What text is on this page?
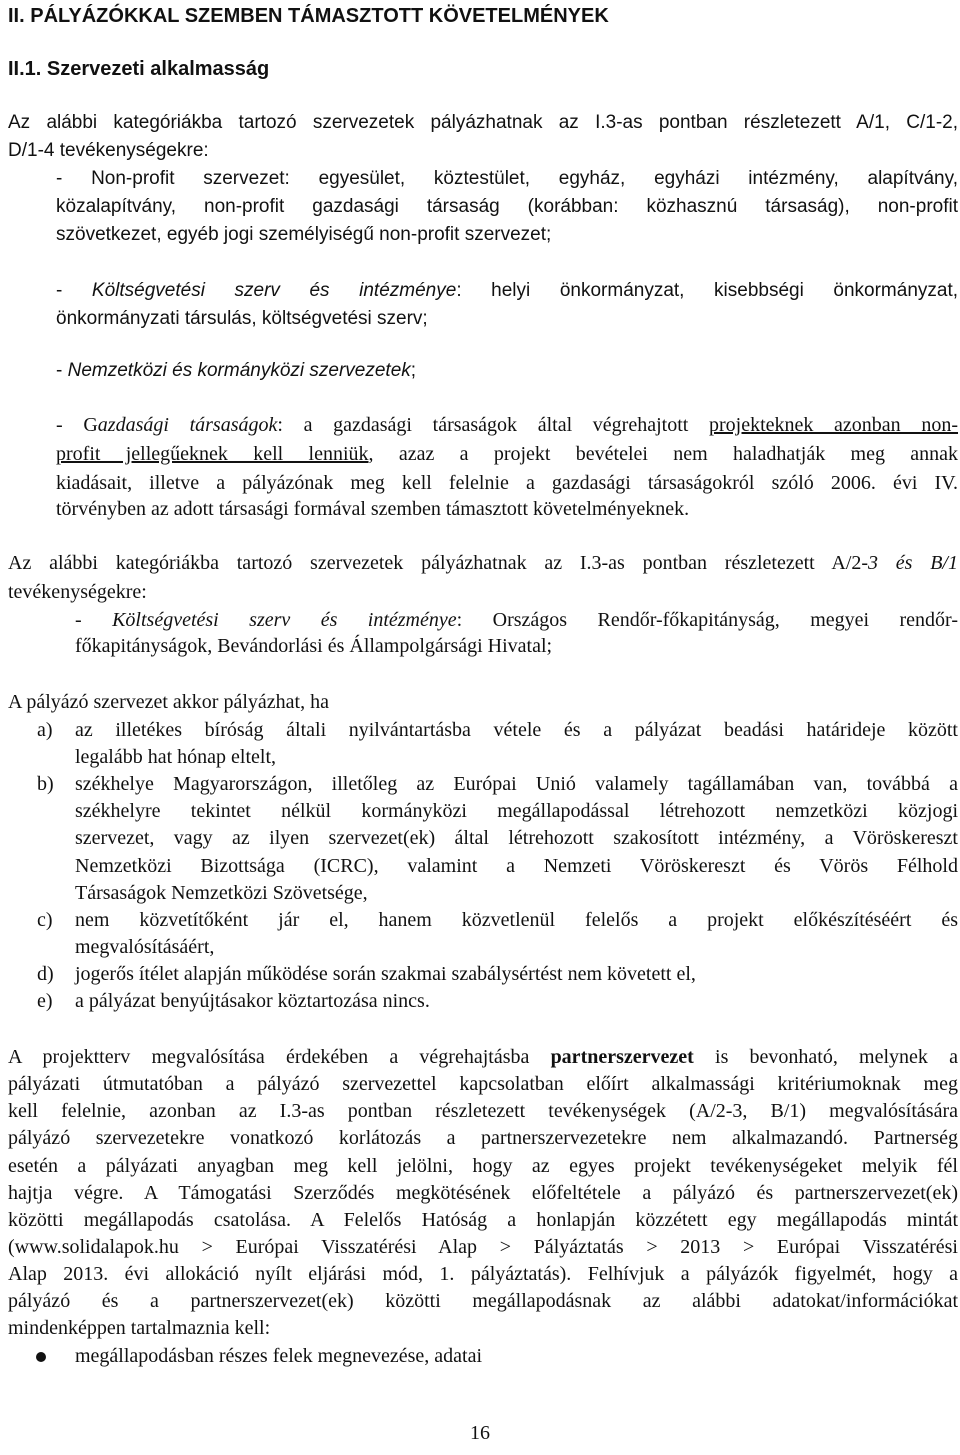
II. PÁLYÁZÓKKAL SZEMBEN TÁMASZTOTT KÖVETELMÉNYEK
II.1. Szervezeti alkalmasság
Az alábbi kategóriákba tartozó szervezetek pályázhatnak az I.3-as pontban részletezett A/1, C/1-2,
D/1-4 tevékenységekre:
- Non-profit szervezet: egyesület, köztestület, egyház, egyházi intézmény, alapítvány,
közalapítvány, non-profit gazdasági társaság (korábban: közhasznú társaság), non-profit
szövetkezet, egyéb jogi személyiségű non-profit szervezet;
- Költségvetési szerv és intézménye: helyi önkormányzat, kisebbségi önkormányzat,
önkormányzati társulás, költségvetési szerv;
- Nemzetközi és kormányközi szervezetek;
- Gazdasági társaságok: a gazdasági társaságok által végrehajtott projekteknek azonban non-
profit jellegűeknek kell lenniük, azaz a projekt bevételei nem haladhatják meg annak
kiadásait, illetve a pályázónak meg kell felelnie a gazdasági társaságokról szóló 2006. évi IV.
törvényben az adott társasági formával szemben támasztott követelményeknek.
Az alábbi kategóriákba tartozó szervezetek pályázhatnak az I.3-as pontban részletezett A/2-3 és B/1
tevékenységekre:
- Költségvetési szerv és intézménye: Országos Rendőr-főkapitányság, megyei rendőr-
főkapitányságok, Bevándorlási és Állampolgársági Hivatal;
A pályázó szervezet akkor pályázhat, ha
a) az illetékes bíróság általi nyilvántartásba vétele és a pályázat beadási határideje között
legalább hat hónap eltelt,
b) székhelye Magyarországon, illetőleg az Európai Unió valamely tagállamában van, továbbá a
székhelyre tekintet nélkül kormányközi megállapodással létrehozott nemzetközi közjogi
szervezet, vagy az ilyen szervezet(ek) által létrehozott szakosított intézmény, a Vöröskereszt
Nemzetközi Bizottsága (ICRC), valamint a Nemzeti Vöröskereszt és Vörös Félhold
Társaságok Nemzetközi Szövetsége,
c) nem közvetítőként jár el, hanem közvetlenül felelős a projekt előkészítéséért és
megvalósításáért,
d) jogerős ítélet alapján működése során szakmai szabálysértést nem követett el,
e) a pályázat benyújtásakor köztartozása nincs.
A projektterv megvalósítása érdekében a végrehajtásba partnerszervezet is bevonható, melynek a
pályázati útmutatóban a pályázó szervezettel kapcsolatban előírt alkalmassági kritériumoknak meg
kell felelnie, azonban az I.3-as pontban részletezett tevékenységek (A/2-3, B/1) megvalósítására
pályázó szervezetekre vonatkozó korlátozás a partnerszervezetekre nem alkalmazandó. Partnerség
esetén a pályázati anyagban meg kell jelölni, hogy az egyes projekt tevékenységeket melyik fél
hajtja végre. A Támogatási Szerződés megkötésének előfeltétele a pályázó és partnerszervezet(ek)
közötti megállapodás csatolása. A Felelős Hatóság a honlapján közzétett egy megállapodás mintát
(www.solidalapok.hu > Európai Visszatérési Alap > Pályáztatás > 2013 > Európai Visszatérési
Alap 2013. évi allokáció nyílt eljárási mód, 1. pályáztatás). Felhívjuk a pályázók figyelmét, hogy a
pályázó és a partnerszervezet(ek) közötti megállapodásnak az alábbi adatokat/információkat
mindenképpen tartalmaznia kell:
megállapodásban részes felek megnevezése, adatai
16
